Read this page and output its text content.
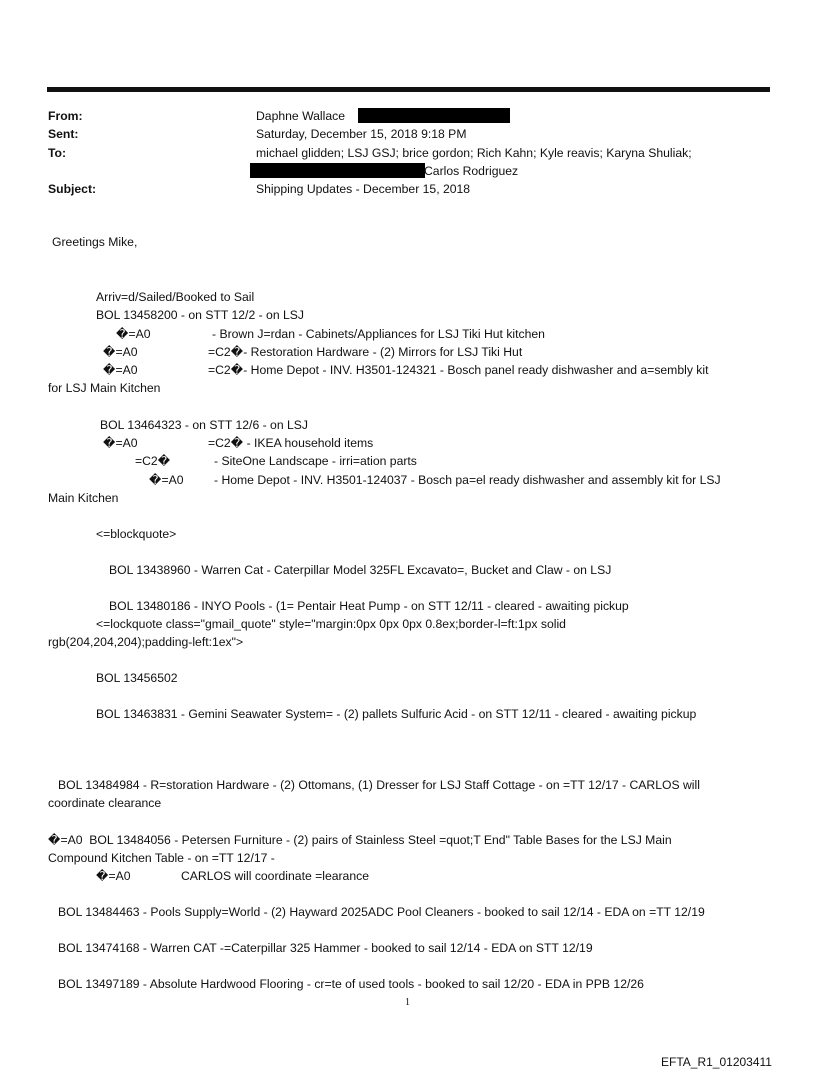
From:	Daphne Wallace
Sent:	Saturday, December 15, 2018 9:18 PM
To:	michael glidden; LSJ GSJ; brice gordon; Rich Kahn; Kyle reavis; Karyna Shuliak;
Carlos Rodriguez
Subject:	Shipping Updates - December 15, 2018
Greetings Mike,
Arriv=d/Sailed/Booked to Sail
BOL 13458200 - on STT 12/2 - on LSJ
�=A0	- Brown J=rdan - Cabinets/Appliances for LSJ Tiki Hut kitchen
�=A0	=C2�- Restoration Hardware - (2) Mirrors for LSJ Tiki Hut
�=A0	=C2�- Home Depot - INV. H3501-124321 - Bosch panel ready dishwasher and a=sembly kit
for LSJ Main Kitchen
BOL 13464323 - on STT 12/6 - on LSJ
�=A0	=C2� - IKEA household items
=C2�	- SiteOne Landscape - irri=ation parts
�=A0 - Home Depot - INV. H3501-124037 - Bosch pa=el ready dishwasher and assembly kit for LSJ
Main Kitchen
<=blockquote>
BOL 13438960 - Warren Cat - Caterpillar Model 325FL Excavato=, Bucket and Claw - on LSJ
BOL 13480186 - INYO Pools - (1= Pentair Heat Pump - on STT 12/11 - cleared - awaiting pickup
<=lockquote class="gmail_quote" style="margin:0px 0px 0px 0.8ex;border-l=ft:1px solid
rgb(204,204,204);padding-left:1ex">
BOL 13456502
BOL 13463831 - Gemini Seawater System= - (2) pallets Sulfuric Acid - on STT 12/11 - cleared - awaiting pickup
BOL 13484984 - R=storation Hardware - (2) Ottomans, (1) Dresser for LSJ Staff Cottage - on =TT 12/17 - CARLOS will
coordinate clearance
�=A0  BOL 13484056 - Petersen Furniture - (2) pairs of Stainless Steel =quot;T End" Table Bases for the LSJ Main
Compound Kitchen Table - on =TT 12/17 -
�=A0	CARLOS will coordinate =learance
BOL 13484463 - Pools Supply=World - (2) Hayward 2025ADC Pool Cleaners - booked to sail 12/14 - EDA on =TT 12/19
BOL 13474168 - Warren CAT -=Caterpillar 325 Hammer - booked to sail 12/14 - EDA on STT 12/19
BOL 13497189 - Absolute Hardwood Flooring - cr=te of used tools - booked to sail 12/20 - EDA in PPB 12/26
1
EFTA_R1_01203411
